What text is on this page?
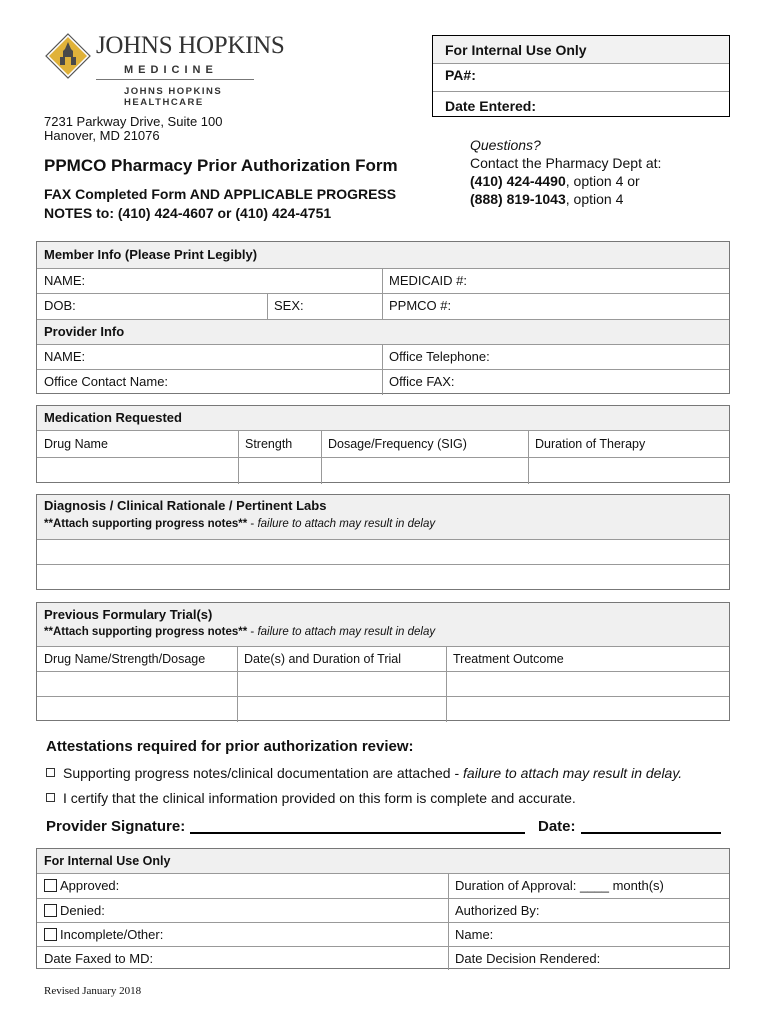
JOHNS HOPKINS
MEDICINE
JOHNS HOPKINS
HEALTHCARE
7231 Parkway Drive, Suite 100
Hanover, MD 21076
For Internal Use Only
PA#:
Date Entered:
PPMCO Pharmacy Prior Authorization Form
FAX Completed Form AND APPLICABLE PROGRESS
NOTES to: (410) 424-4607 or (410) 424-4751
Questions?
Contact the Pharmacy Dept at:
(410) 424-4490, option 4 or
(888) 819-1043, option 4
Member Info (Please Print Legibly)
NAME:	MEDICAID #:
DOB:	SEX:	PPMCO #:
Provider Info
NAME:	Office Telephone:
Office Contact Name:	Office FAX:
Medication Requested
Drug Name	Strength	Dosage/Frequency (SIG)	Duration of Therapy
Diagnosis / Clinical Rationale / Pertinent Labs
**Attach supporting progress notes** - failure to attach may result in delay
Previous Formulary Trial(s)
**Attach supporting progress notes** - failure to attach may result in delay
Drug Name/Strength/Dosage	Date(s) and Duration of Trial	Treatment Outcome
Attestations required for prior authorization review:
Supporting progress notes/clinical documentation are attached - failure to attach may result in delay.
I certify that the clinical information provided on this form is complete and accurate.
Provider Signature:	Date:
For Internal Use Only
Approved:	Duration of Approval: ____ month(s)
Denied:	Authorized By:
Incomplete/Other:	Name:
Date Faxed to MD:	Date Decision Rendered:
Revised January 2018
